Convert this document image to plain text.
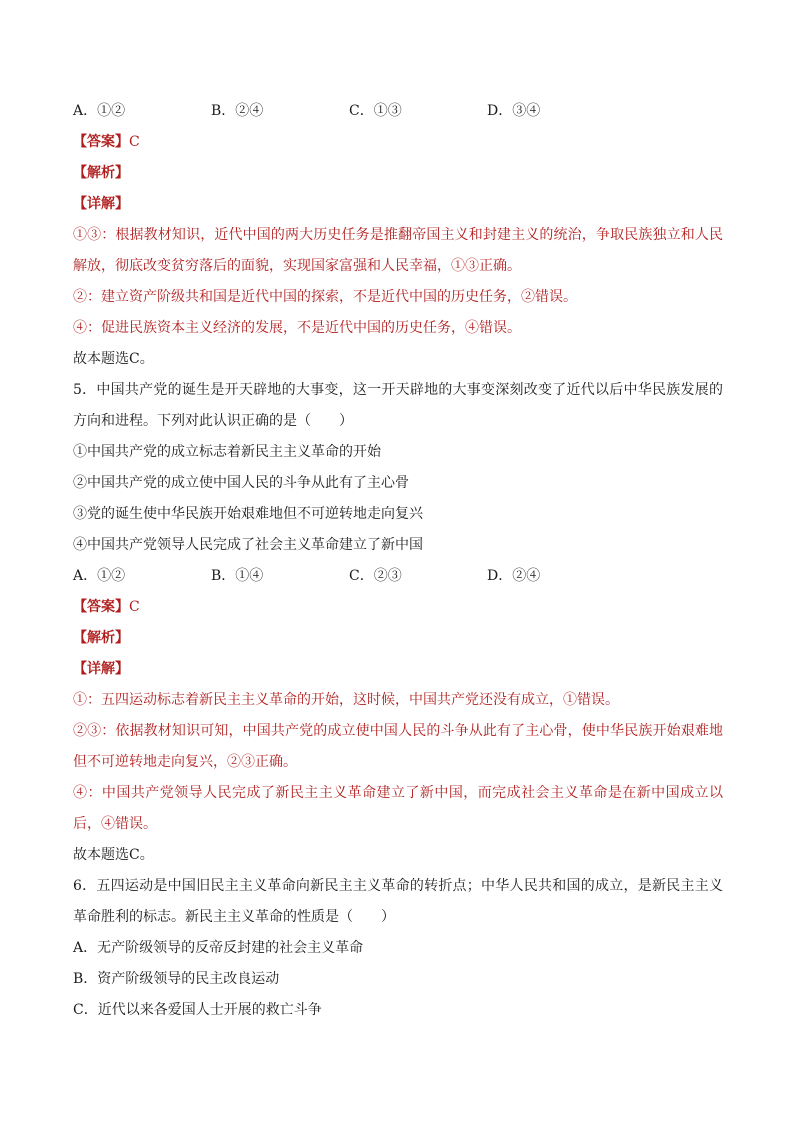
A．①②	B．②④	C．①③	D．③④
【答案】C
【解析】
【详解】
①③：根据教材知识，近代中国的两大历史任务是推翻帝国主义和封建主义的统治，争取民族独立和人民解放，彻底改变贫穷落后的面貌，实现国家富强和人民幸福，①③正确。
②：建立资产阶级共和国是近代中国的探索，不是近代中国的历史任务，②错误。
④：促进民族资本主义经济的发展，不是近代中国的历史任务，④错误。
故本题选C。
5．中国共产党的诞生是开天辟地的大事变，这一开天辟地的大事变深刻改变了近代以后中华民族发展的方向和进程。下列对此认识正确的是（　　）
①中国共产党的成立标志着新民主主义革命的开始
②中国共产党的成立使中国人民的斗争从此有了主心骨
③党的诞生使中华民族开始艰难地但不可逆转地走向复兴
④中国共产党领导人民完成了社会主义革命建立了新中国
A．①②	B．①④	C．②③	D．②④
【答案】C
【解析】
【详解】
①：五四运动标志着新民主主义革命的开始，这时候，中国共产党还没有成立，①错误。
②③：依据教材知识可知，中国共产党的成立使中国人民的斗争从此有了主心骨，使中华民族开始艰难地但不可逆转地走向复兴，②③正确。
④：中国共产党领导人民完成了新民主主义革命建立了新中国，而完成社会主义革命是在新中国成立以后，④错误。
故本题选C。
6．五四运动是中国旧民主主义革命向新民主主义革命的转折点；中华人民共和国的成立，是新民主主义革命胜利的标志。新民主主义革命的性质是（　　）
A．无产阶级领导的反帝反封建的社会主义革命
B．资产阶级领导的民主改良运动
C．近代以来各爱国人士开展的救亡斗争
